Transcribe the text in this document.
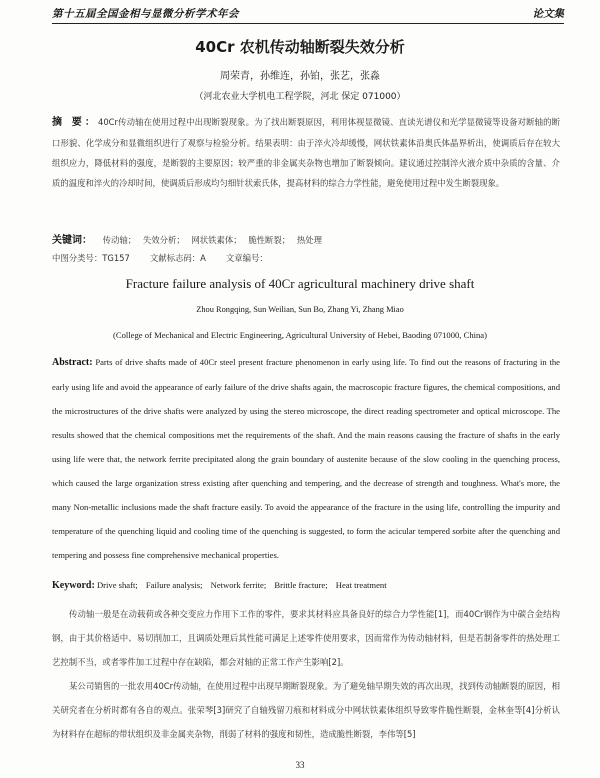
第十五届全国金相与显微分析学术年会	论文集
40Cr 农机传动轴断裂失效分析
周荣青，孙维连，孙铂，张艺，张淼
（河北农业大学机电工程学院，河北 保定 071000）
摘 要：40Cr传动轴在使用过程中出现断裂现象。为了找出断裂原因，利用体视显微镜、直读光谱仪和光学显微镜等设备对断轴的断口形貌、化学成分和显微组织进行了观察与检验分析。结果表明：由于淬火冷却缓慢，网状铁素体沿奥氏体晶界析出，使调质后存在较大组织应力，降低材料的强度，是断裂的主要原因；较严重的非金属夹杂物也增加了断裂倾向。建议通过控制淬火液介质中杂质的含量、介质的温度和淬火的冷却时间，使调质后形成均匀细针状索氏体，提高材料的综合力学性能，避免使用过程中发生断裂现象。
关键词： 传动轴； 失效分析； 网状铁素体； 脆性断裂； 热处理
中图分类号：TG157 文献标志码：A 文章编号：
Fracture failure analysis of 40Cr agricultural machinery drive shaft
Zhou Rongqing, Sun Weilian, Sun Bo, Zhang Yi, Zhang Miao
(College of Mechanical and Electric Engineering, Agricultural University of Hebei, Baoding 071000, China)
Abstract: Parts of drive shafts made of 40Cr steel present fracture phenomenon in early using life. To find out the reasons of fracturing in the early using life and avoid the appearance of early failure of the drive shafts again, the macroscopic fracture figures, the chemical compositions, and the microstructures of the drive shafts were analyzed by using the stereo microscope, the direct reading spectrometer and optical microscope. The results showed that the chemical compositions met the requirements of the shaft. And the main reasons causing the fracture of shafts in the early using life were that, the network ferrite precipitated along the grain boundary of austenite because of the slow cooling in the quenching process, which caused the large organization stress existing after quenching and tempering, and the decrease of strength and toughness. What's more, the many Non-metallic inclusions made the shaft fracture easily. To avoid the appearance of the fracture in the using life, controlling the impurity and temperature of the quenching liquid and cooling time of the quenching is suggested, to form the acicular tempered sorbite after the quenching and tempering and possess fine comprehensive mechanical properties.
Keyword: Drive shaft; Failure analysis; Network ferrite; Brittle fracture; Heat treatment

传动轴一般是在动载荷或各种交变应力作用下工作的零件，要求其材料应具备良好的综合力学性能[1]，而40Cr钢作为中碳合金结构钢，由于其价格适中、易切削加工，且调质处理后其性能可满足上述零件使用要求，因而常作为传动轴材料，但是若制备零件的热处理工艺控制不当，或者零件加工过程中存在缺陷，都会对轴的正常工作产生影响[2]。

某公司销售的一批农用40Cr传动轴，在使用过程中出现早期断裂现象。为了避免轴早期失效的再次出现，找到传动轴断裂的原因，相关研究者在分析时都有各自的观点。张荣琴[3]研究了自轴残留刀痕和材料成分中网状铁素体组织导致零件脆性断裂，金林奎等[4]分析认为材料存在超标的带状组织及非金属夹杂物，削弱了材料的强度和韧性，造成脆性断裂，李伟等[5]

33
